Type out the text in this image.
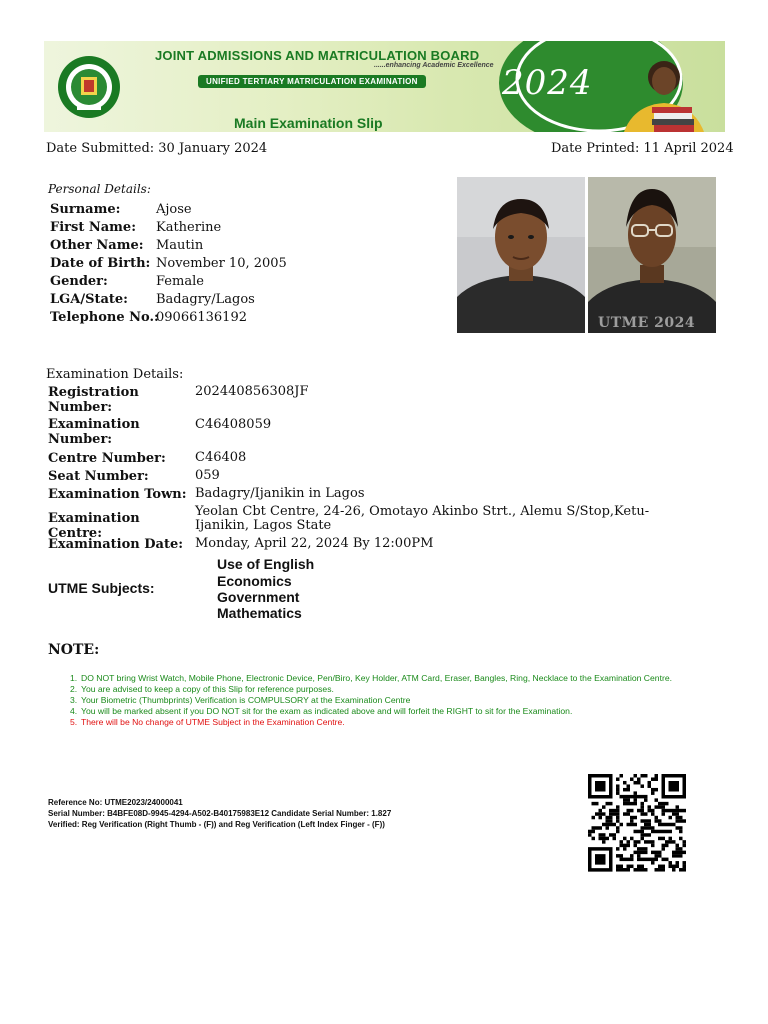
JOINT ADMISSIONS AND MATRICULATION BOARD
......enhancing Academic Excellence
UNIFIED TERTIARY MATRICULATION EXAMINATION 2024
Main Examination Slip
Date Submitted: 30 January 2024	Date Printed: 11 April 2024
Personal Details:
Surname:	Ajose
First Name: Katherine
Other Name: Mautin
Date of Birth: November 10, 2005
Gender:	Female
LGA/State: Badagry/Lagos
Telephone No.:
09066136192	UTME 2024
Examination Details:
Registration Number:
202440856308JF
Examination Number:
C46408059
Centre Number:	C46408
Seat Number:	059
Examination Town: Badagry/Ijanikin in Lagos
Examination Centre:
Yeolan Cbt Centre, 24-26, Omotayo Akinbo Strt., Alemu S/Stop,Ketu-Ijanikin, Lagos State
Examination Date: Monday, April 22, 2024 By 12:00PM
UTME Subjects:
Use of English
Economics
Government
Mathematics
NOTE:
1. DO NOT bring Wrist Watch, Mobile Phone, Electronic Device, Pen/Biro, Key Holder, ATM Card, Eraser, Bangles, Ring, Necklace to the Examination Centre.
2. You are advised to keep a copy of this Slip for reference purposes.
3. Your Biometric (Thumbprints) Verification is COMPULSORY at the Examination Centre
4. You will be marked absent if you DO NOT sit for the exam as indicated above and will forfeit the RIGHT to sit for the Examination.
5. There will be No change of UTME Subject in the Examination Centre.
Reference No: UTME2023/24000041
Serial Number: B4BFE08D-9945-4294-A502-B40175983E12 Candidate Serial Number: 1.827
Verified: Reg Verification (Right Thumb - (F)) and Reg Verification (Left Index Finger - (F))
